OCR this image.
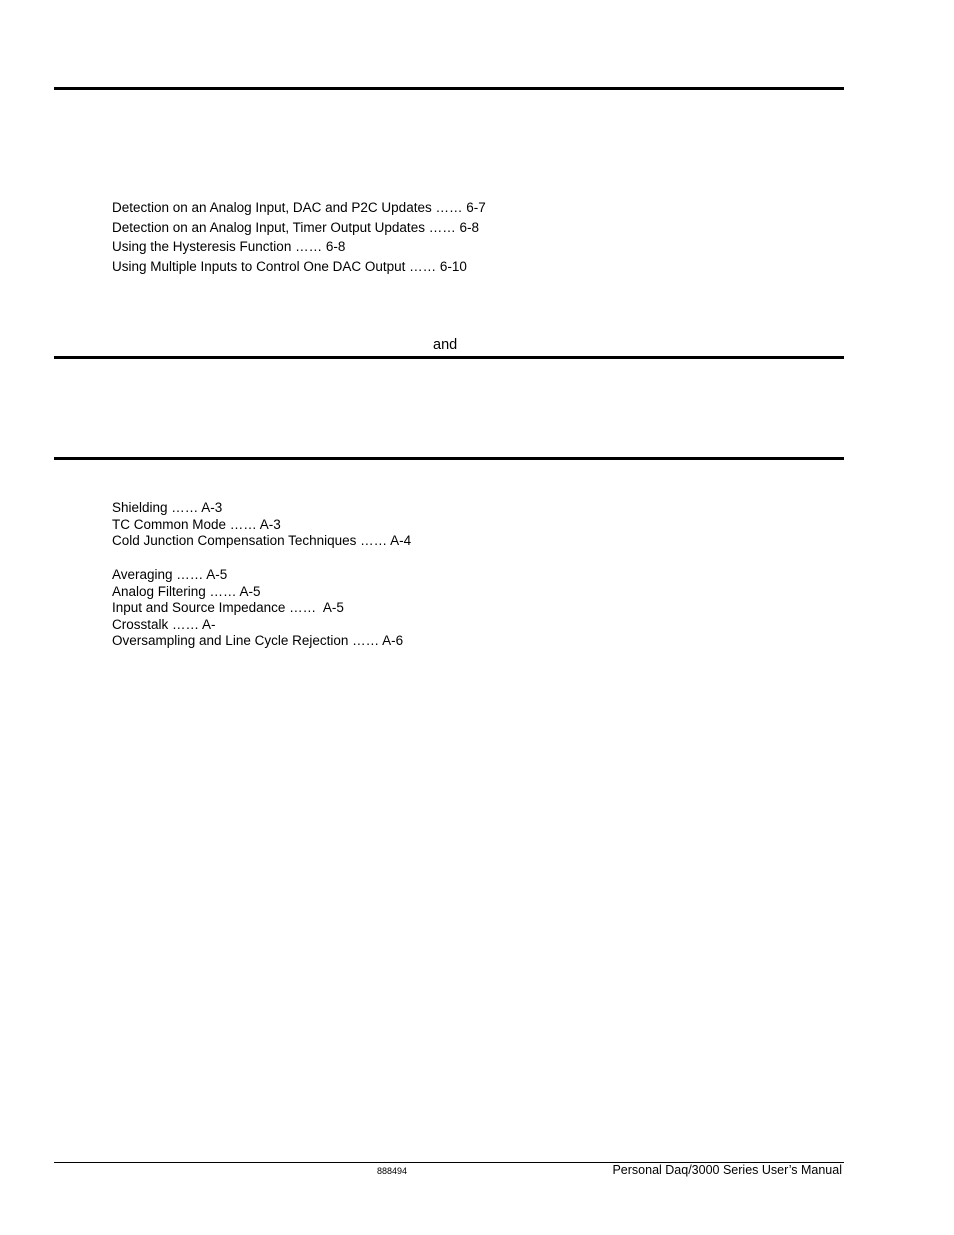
Detection on an Analog Input, DAC and P2C Updates …… 6-7
Detection on an Analog Input, Timer Output Updates …… 6-8
Using the Hysteresis Function …… 6-8
Using Multiple Inputs to Control One DAC Output …… 6-10
and
Shielding …… A-3
TC Common Mode …… A-3
Cold Junction Compensation Techniques …… A-4
Averaging …… A-5
Analog Filtering …… A-5
Input and Source Impedance ……  A-5
Crosstalk …… A-
Oversampling and Line Cycle Rejection …… A-6
888494	Personal Daq/3000 Series User’s Manual
